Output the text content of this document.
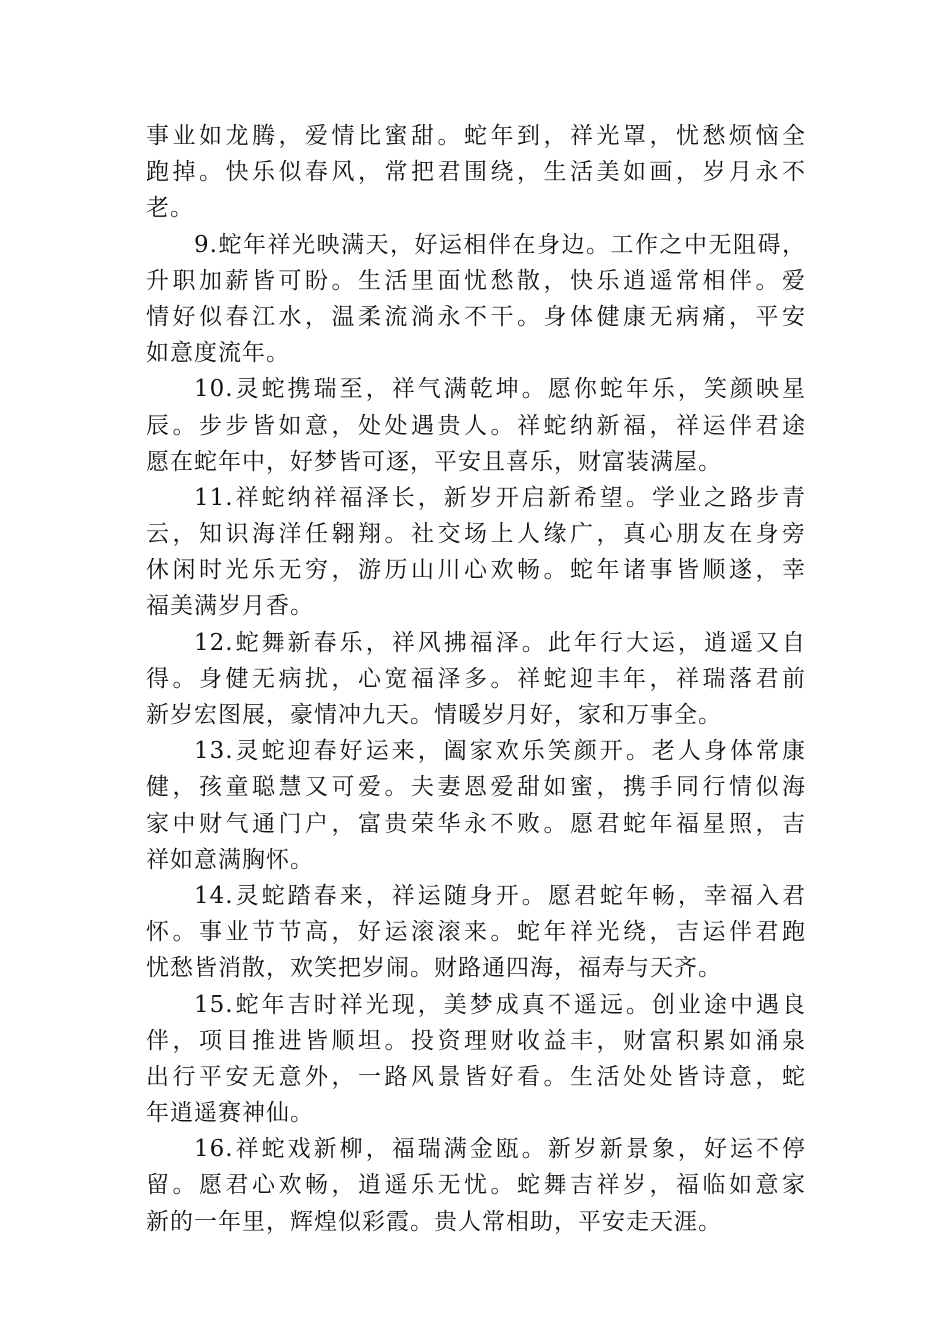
事业如龙腾，爱情比蜜甜。蛇年到，祥光罩，忧愁烦恼全
跑掉。快乐似春风，常把君围绕，生活美如画，岁月永不
老。
9.蛇年祥光映满天，好运相伴在身边。工作之中无阻碍，
升职加薪皆可盼。生活里面忧愁散，快乐逍遥常相伴。爱
情好似春江水，温柔流淌永不干。身体健康无病痛，平安
如意度流年。
10.灵蛇携瑞至，祥气满乾坤。愿你蛇年乐，笑颜映星
辰。步步皆如意，处处遇贵人。祥蛇纳新福，祥运伴君途
愿在蛇年中，好梦皆可逐，平安且喜乐，财富装满屋。
11.祥蛇纳祥福泽长，新岁开启新希望。学业之路步青
云，知识海洋任翱翔。社交场上人缘广，真心朋友在身旁
休闲时光乐无穷，游历山川心欢畅。蛇年诸事皆顺遂，幸
福美满岁月香。
12.蛇舞新春乐，祥风拂福泽。此年行大运，逍遥又自
得。身健无病扰，心宽福泽多。祥蛇迎丰年，祥瑞落君前
新岁宏图展，豪情冲九天。情暖岁月好，家和万事全。
13.灵蛇迎春好运来，阖家欢乐笑颜开。老人身体常康
健，孩童聪慧又可爱。夫妻恩爱甜如蜜，携手同行情似海
家中财气通门户，富贵荣华永不败。愿君蛇年福星照，吉
祥如意满胸怀。
14.灵蛇踏春来，祥运随身开。愿君蛇年畅，幸福入君
怀。事业节节高，好运滚滚来。蛇年祥光绕，吉运伴君跑
忧愁皆消散，欢笑把岁闹。财路通四海，福寿与天齐。
15.蛇年吉时祥光现，美梦成真不遥远。创业途中遇良
伴，项目推进皆顺坦。投资理财收益丰，财富积累如涌泉
出行平安无意外，一路风景皆好看。生活处处皆诗意，蛇
年逍遥赛神仙。
16.祥蛇戏新柳，福瑞满金瓯。新岁新景象，好运不停
留。愿君心欢畅，逍遥乐无忧。蛇舞吉祥岁，福临如意家
新的一年里，辉煌似彩霞。贵人常相助，平安走天涯。
